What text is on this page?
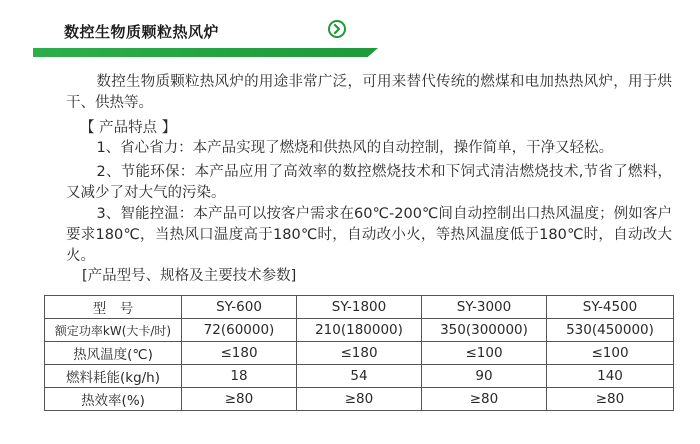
数控生物质颗粒热风炉

数控生物质颗粒热风炉的用途非常广泛，可用来替代传统的燃煤和电加热热风炉，用于烘干、供热等。

【 产品特点 】

1、省心省力：本产品实现了燃烧和供热风的自动控制，操作简单，干净又轻松。

2、节能环保：本产品应用了高效率的数控燃烧技术和下饲式清洁燃烧技术,节省了燃料，又减少了对大气的污染。

3、智能控温：本产品可以按客户需求在60℃-200℃间自动控制出口热风温度；例如客户要求180℃，当热风口温度高于180℃时，自动改小火，等热风温度低于180℃时，自动改大火。

[产品型号、规格及主要技术参数]

型　号	SY-600	SY-1800	SY-3000	SY-4500
额定功率kW(大卡/时)	72(60000)	210(180000)	350(300000)	530(450000)
热风温度(℃)	≤180	≤180	≤100	≤100
燃料耗能(kg/h)	18	54	90	140
热效率(%)	≥80	≥80	≥80	≥80
